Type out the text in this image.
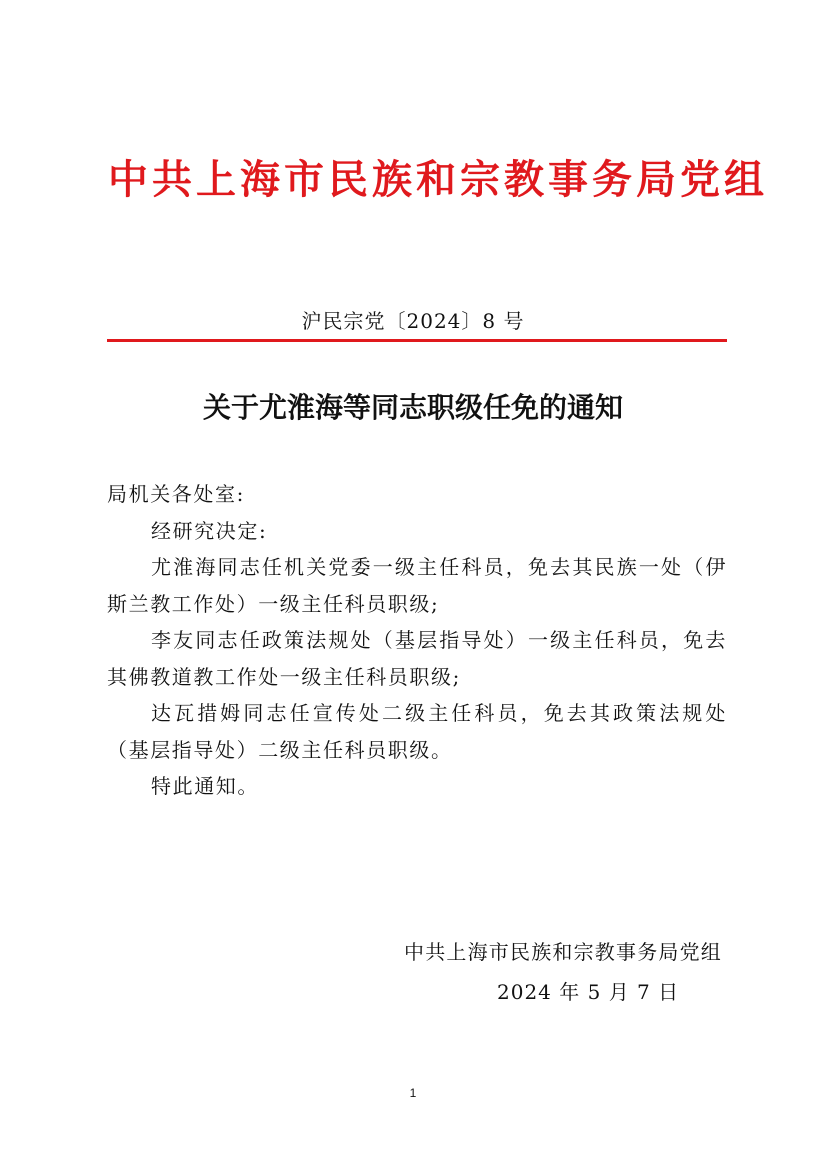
中共上海市民族和宗教事务局党组
沪民宗党〔2024〕8 号
关于尤淮海等同志职级任免的通知

局机关各处室:

经研究决定:

尤淮海同志任机关党委一级主任科员，免去其民族一处（伊斯兰教工作处）一级主任科员职级;

李友同志任政策法规处（基层指导处）一级主任科员，免去其佛教道教工作处一级主任科员职级;

达瓦措姆同志任宣传处二级主任科员，免去其政策法规处（基层指导处）二级主任科员职级。

特此通知。

中共上海市民族和宗教事务局党组
2024 年 5 月 7 日
1
